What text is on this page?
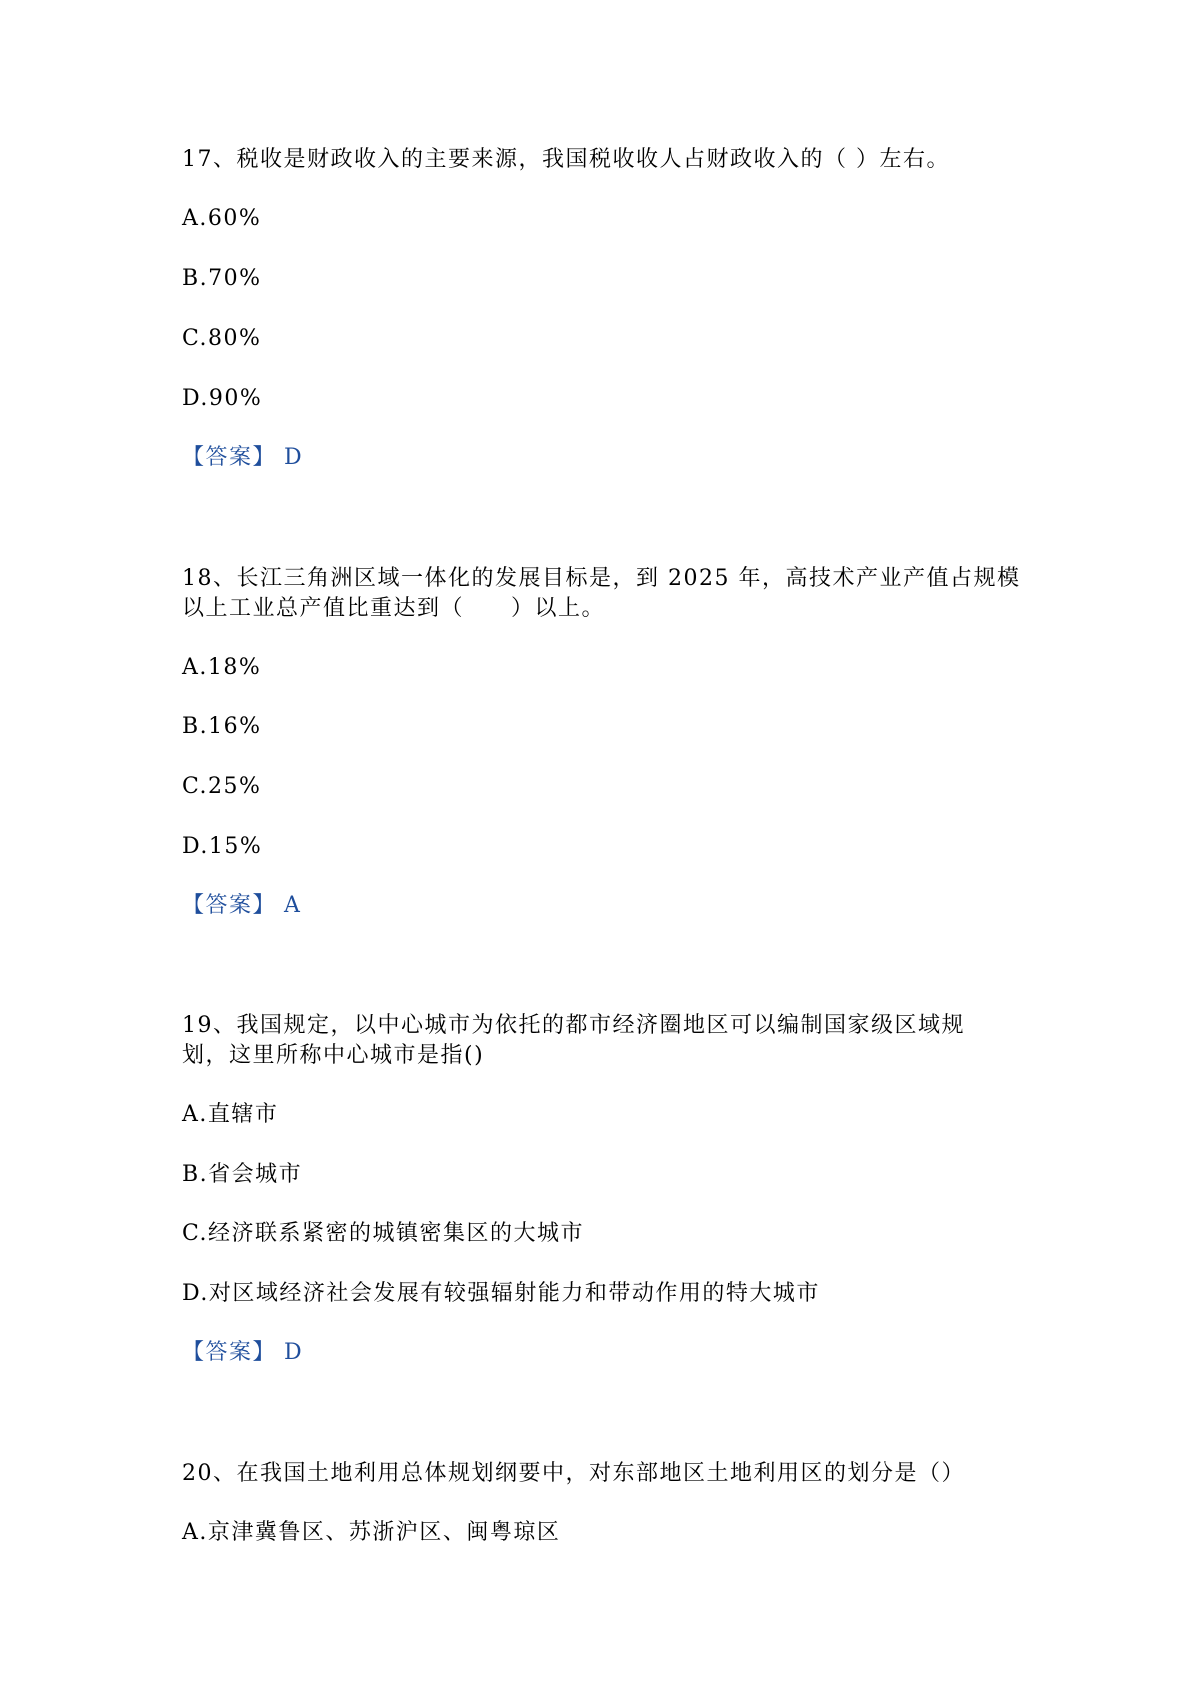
17、税收是财政收入的主要来源，我国税收收人占财政收入的（ ）左右。
A.60%
B.70%
C.80%
D.90%
【答案】 D
18、长江三角洲区域一体化的发展目标是，到 2025 年，高技术产业产值占规模
以上工业总产值比重达到（　　）以上。
A.18%
B.16%
C.25%
D.15%
【答案】 A
19、我国规定，以中心城市为依托的都市经济圈地区可以编制国家级区域规
划，这里所称中心城市是指()
A.直辖市
B.省会城市
C.经济联系紧密的城镇密集区的大城市
D.对区域经济社会发展有较强辐射能力和带动作用的特大城市
【答案】 D
20、在我国土地利用总体规划纲要中，对东部地区土地利用区的划分是（）
A.京津冀鲁区、苏浙沪区、闽粤琼区
